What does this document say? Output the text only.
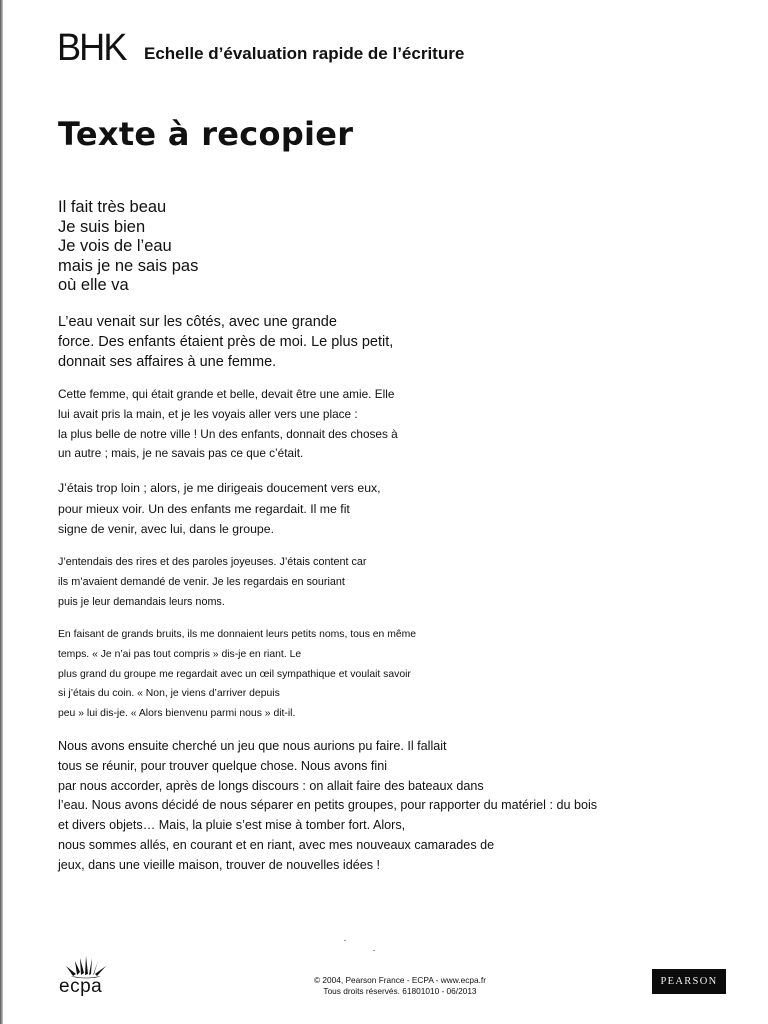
BHK Echelle d’évaluation rapide de l’écriture
Texte à recopier
Il fait très beau
Je suis bien
Je vois de l’eau
mais je ne sais pas
où elle va
L’eau venait sur les côtés, avec une grande
force. Des enfants étaient près de moi. Le plus petit,
donnait ses affaires à une femme.
Cette femme, qui était grande et belle, devait être une amie. Elle
lui avait pris la main, et je les voyais aller vers une place :
la plus belle de notre ville ! Un des enfants, donnait des choses à
un autre ; mais, je ne savais pas ce que c’était.
J’étais trop loin ; alors, je me dirigeais doucement vers eux,
pour mieux voir. Un des enfants me regardait. Il me fit
signe de venir, avec lui, dans le groupe.
J’entendais des rires et des paroles joyeuses. J’étais content car
ils m’avaient demandé de venir. Je les regardais en souriant
puis je leur demandais leurs noms.
En faisant de grands bruits, ils me donnaient leurs petits noms, tous en même
temps. « Je n’ai pas tout compris » dis-je en riant. Le
plus grand du groupe me regardait avec un œil sympathique et voulait savoir
si j’étais du coin. « Non, je viens d’arriver depuis
peu » lui dis-je. « Alors bienvenu parmi nous » dit-il.
Nous avons ensuite cherché un jeu que nous aurions pu faire. Il fallait
tous se réunir, pour trouver quelque chose. Nous avons fini
par nous accorder, après de longs discours : on allait faire des bateaux dans
l’eau. Nous avons décidé de nous séparer en petits groupes, pour rapporter du matériel : du bois
et divers objets… Mais, la pluie s’est mise à tomber fort. Alors,
nous sommes allés, en courant et en riant, avec mes nouveaux camarades de
jeux, dans une vieille maison, trouver de nouvelles idées !
ecpa	© 2004, Pearson France - ECPA - www.ecpa.fr
Tous droits réservés. 61801010 - 06/2013
PEARSON
